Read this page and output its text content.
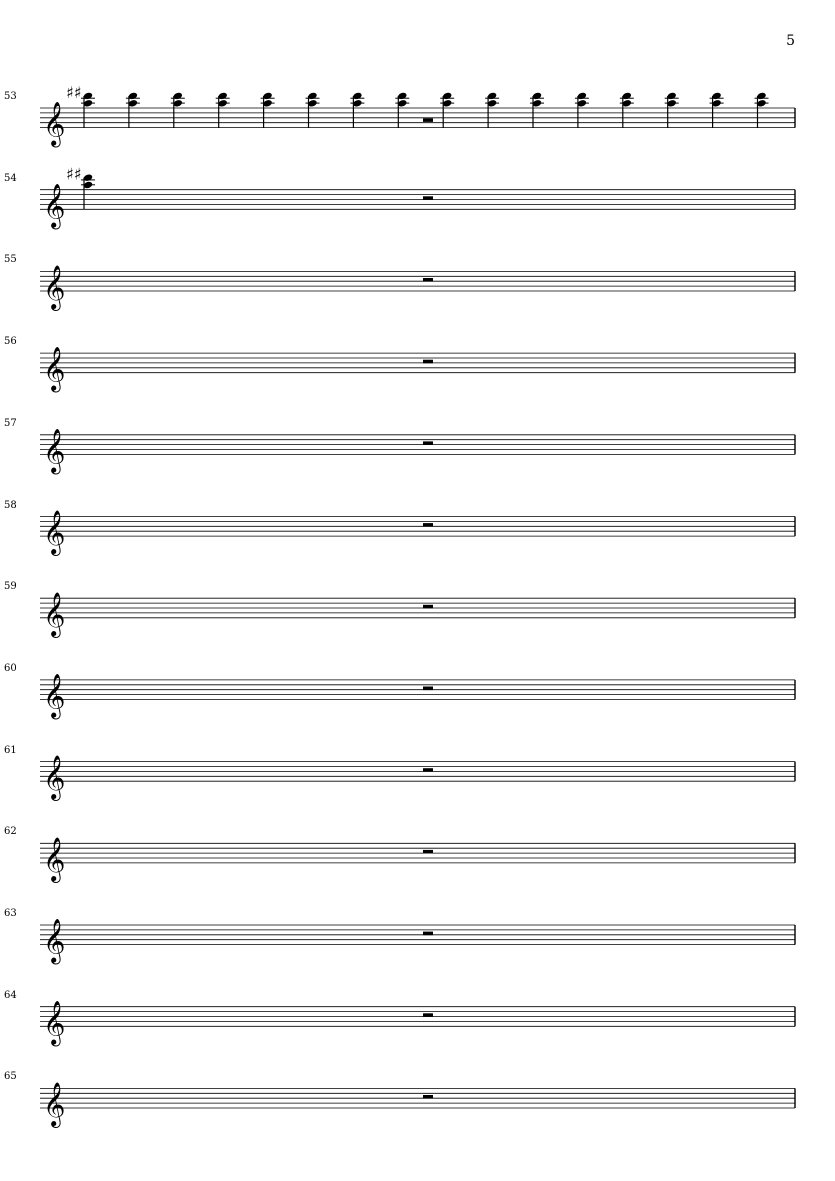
5
53
𝄞
♯♯
54
𝄞
♯♯
55
𝄞
56
𝄞
57
𝄞
58
𝄞
59
𝄞
60
𝄞
61
𝄞
62
𝄞
63
𝄞
64
𝄞
65
𝄞
